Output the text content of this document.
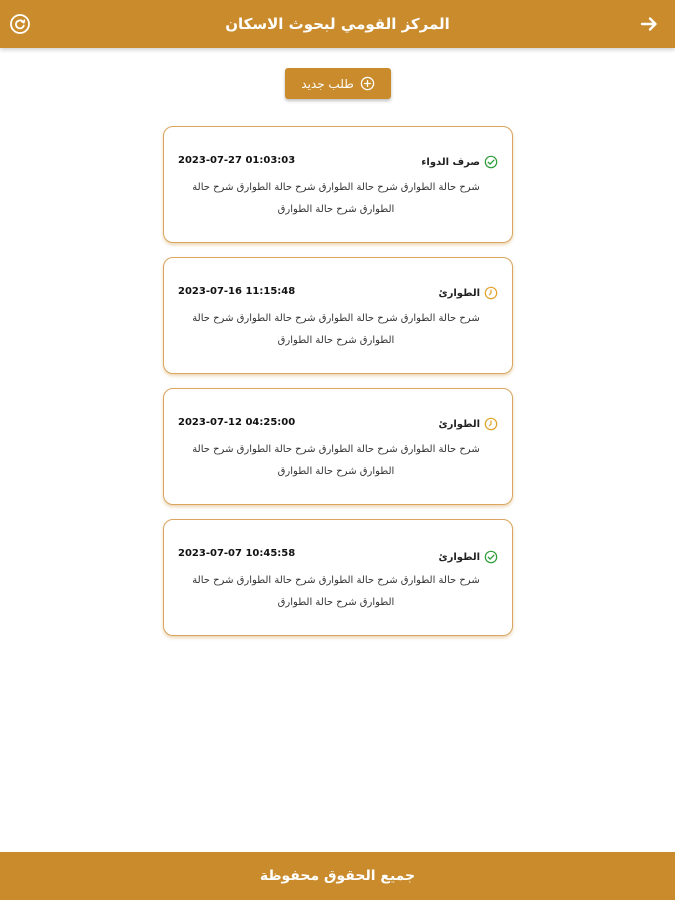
المركز القومي لبحوث الاسكان
طلب جديد
صرف الدواء
2023-07-27 01:03:03
شرح حالة الطوارق شرح حالة الطوارق شرح حالة الطوارق شرح حالة الطوارق شرح حالة الطوارق
الطوارئ
2023-07-16 11:15:48
شرح حالة الطوارق شرح حالة الطوارق شرح حالة الطوارق شرح حالة الطوارق شرح حالة الطوارق
الطوارئ
2023-07-12 04:25:00
شرح حالة الطوارق شرح حالة الطوارق شرح حالة الطوارق شرح حالة الطوارق شرح حالة الطوارق
الطوارئ
2023-07-07 10:45:58
شرح حالة الطوارق شرح حالة الطوارق شرح حالة الطوارق شرح حالة الطوارق شرح حالة الطوارق
جميع الحقوق محفوظة
